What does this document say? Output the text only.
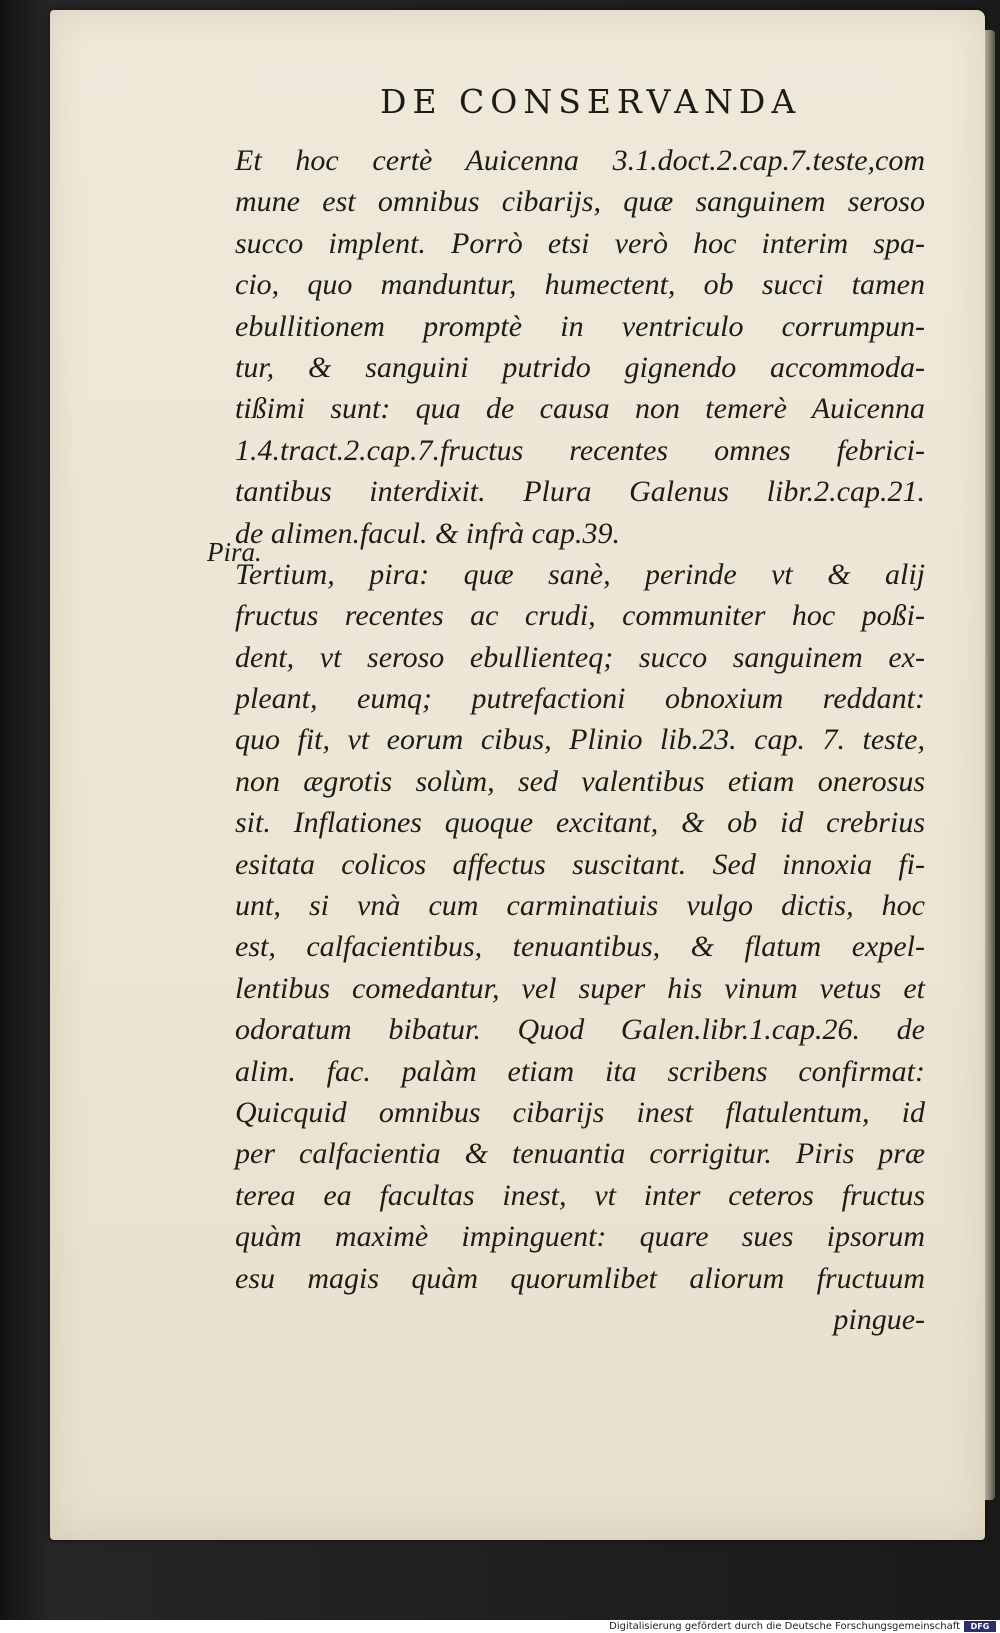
DE CONSERVANDA
Pira.
Et hoc certè Auicenna 3.1.doct.2.cap.7.teste,com
mune est omnibus cibarijs, quæ sanguinem seroso
succo implent. Porrò etsi verò hoc interim spa-
cio, quo manduntur, humectent, ob succi tamen
ebullitionem promptè in ventriculo corrumpun-
tur, & sanguini putrido gignendo accommoda-
tißimi sunt: qua de causa non temerè Auicenna
1.4.tract.2.cap.7.fructus recentes omnes febrici-
tantibus interdixit. Plura Galenus libr.2.cap.21.
de alimen.facul. & infrà cap.39.
Tertium, pira: quæ sanè, perinde vt & alij
fructus recentes ac crudi, communiter hoc poßi-
dent, vt seroso ebullienteq; succo sanguinem ex-
pleant, eumq; putrefactioni obnoxium reddant:
quo fit, vt eorum cibus, Plinio lib.23. cap. 7. teste,
non ægrotis solùm, sed valentibus etiam onerosus
sit. Inflationes quoque excitant, & ob id crebrius
esitata colicos affectus suscitant. Sed innoxia fi-
unt, si vnà cum carminatiuis vulgo dictis, hoc
est, calfacientibus, tenuantibus, & flatum expel-
lentibus comedantur, vel super his vinum vetus et
odoratum bibatur. Quod Galen.libr.1.cap.26. de
alim. fac. palàm etiam ita scribens confirmat:
Quicquid omnibus cibarijs inest flatulentum, id
per calfacientia & tenuantia corrigitur. Piris præ
terea ea facultas inest, vt inter ceteros fructus
quàm maximè impinguent: quare sues ipsorum
esu magis quàm quorumlibet aliorum fructuum
pingue-
Digitalisierung gefördert durch die Deutsche Forschungsgemeinschaft	DFG
